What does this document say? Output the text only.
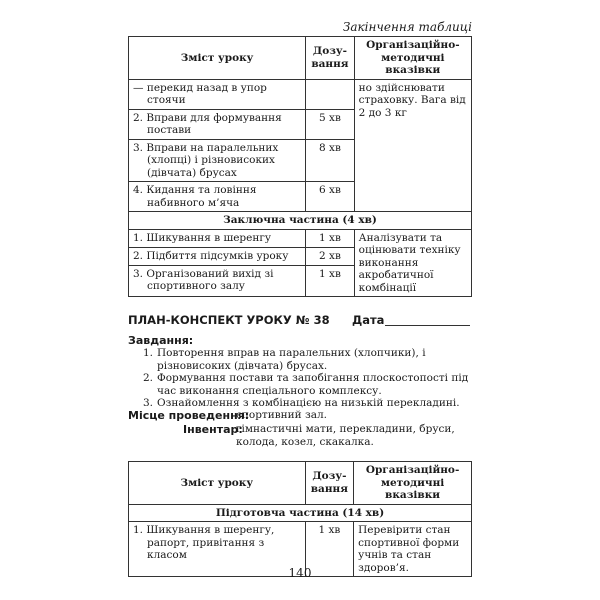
Закінчення таблиці
Зміст уроку	Дозу-вання	Організаційно-методичні вказівки
— перекид назад в упор стоячи		но здійснювати страховку. Вага від 2 до 3 кг
2. Вправи для формування постави	5 хв	
3. Вправи на паралельних (хлопці) і різновисоких (дівчата) брусах	8 хв	
4. Кидання та ловіння набивного м’яча	6 хв	
Заключна частина (4 хв)		
1. Шикування в шеренгу	1 хв	Аналізувати та оцінювати техніку виконання акробатичної комбінації
2. Підбиття підсумків уроку	2 хв	
3. Організований вихід зі спортивного залу	1 хв	
ПЛАН-КОНСПЕКТ УРОКУ № 38 Дата
Завдання:
1. Повторення вправ на паралельних (хлопчики), і різновисоких (дівчата) брусах.
2. Формування постави та запобігання плоскостопості під час виконання спеціального комплексу.
3. Ознайомлення з комбінацією на низькій перекладині.
Місце проведення:
спортивний зал.
Інвентар:
гімнастичні мати, перекладини, бруси, колода, козел, скакалка.
Зміст уроку	Дозу-вання	Організаційно-методичні вказівки
Підготовча частина (14 хв)		
1. Шикування в шеренгу, рапорт, привітання з класом	1 хв	Перевірити стан спортивної форми учнів та стан здоров’я.
140
